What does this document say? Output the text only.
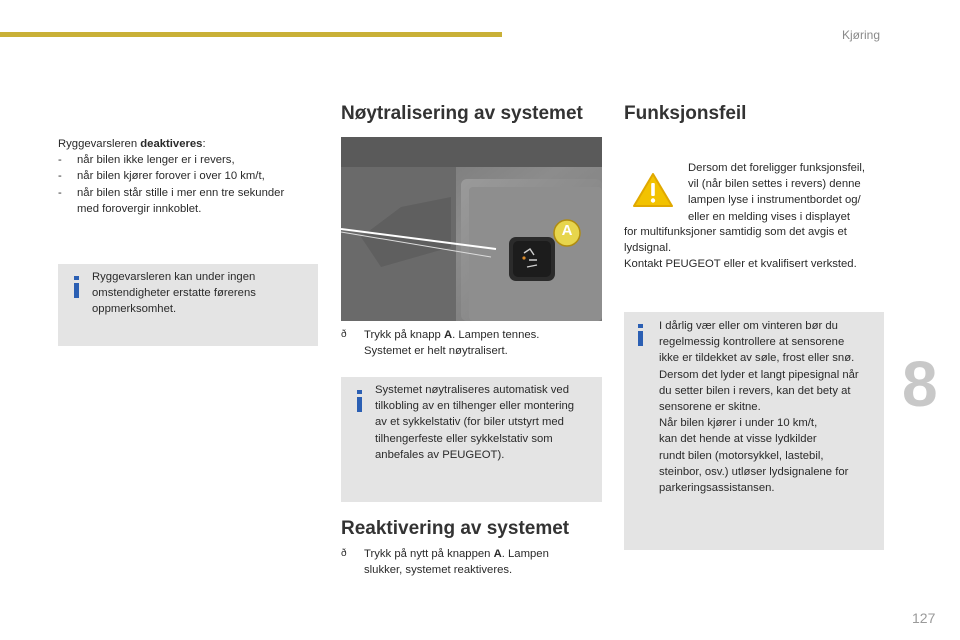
Kjøring
8
127
Ryggevarsleren deaktiveres:
-	når bilen ikke lenger er i revers,
-	når bilen kjører forover i over 10 km/t,
-	når bilen står stille i mer enn tre sekunder
med forovergir innkoblet.
Ryggevarsleren kan under ingen
omstendigheter erstatte førerens
oppmerksomhet.
Nøytralisering av systemet
A
ð	Trykk på knapp A. Lampen tennes.
Systemet er helt nøytralisert.
Systemet nøytraliseres automatisk ved
tilkobling av en tilhenger eller montering
av et sykkelstativ (for biler utstyrt med
tilhengerfeste eller sykkelstativ som
anbefales av PEUGEOT).
Reaktivering av systemet
ð	Trykk på nytt på knappen A. Lampen
slukker, systemet reaktiveres.
Funksjonsfeil
Dersom det foreligger funksjonsfeil,
vil (når bilen settes i revers) denne
lampen lyse i instrumentbordet og/
eller en melding vises i displayet
for multifunksjoner samtidig som det avgis et
lydsignal.
Kontakt PEUGEOT eller et kvalifisert verksted.
I dårlig vær eller om vinteren bør du
regelmessig kontrollere at sensorene
ikke er tildekket av søle, frost eller snø.
Dersom det lyder et langt pipesignal når
du setter bilen i revers, kan det bety at
sensorene er skitne.
Når bilen kjører i under 10 km/t,
kan det hende at visse lydkilder
rundt bilen (motorsykkel, lastebil,
steinbor, osv.) utløser lydsignalene for
parkeringsassistansen.
